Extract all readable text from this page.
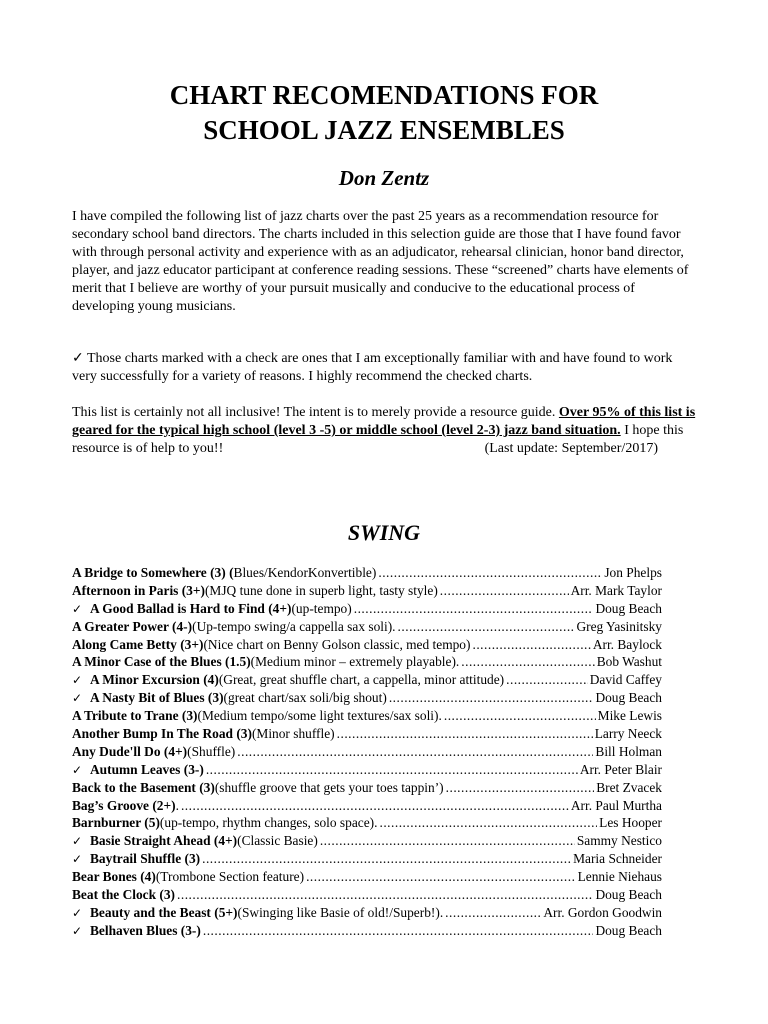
CHART RECOMENDATIONS FOR
SCHOOL JAZZ ENSEMBLES
Don Zentz

I have compiled the following list of jazz charts over the past 25 years as a recommendation resource for secondary school band directors. The charts included in this selection guide are those that I have found favor with through personal activity and experience with as an adjudicator, rehearsal clinician, honor band director, player, and jazz educator participant at conference reading sessions. These “screened” charts have elements of merit that I believe are worthy of your pursuit musically and conducive to the educational process of developing young musicians.

✓ Those charts marked with a check are ones that I am exceptionally familiar with and have found to work very successfully for a variety of reasons. I highly recommend the checked charts.

This list is certainly not all inclusive! The intent is to merely provide a resource guide. Over 95% of this list is geared for the typical high school (level 3 -5) or middle school (level 2-3) jazz band situation. I hope this resource is of help to you!!	(Last update: September/2017)

SWING
A Bridge to Somewhere (3) ( Blues/KendorKonvertible) .....	Jon Phelps
Afternoon in Paris (3+) (MJQ tune done in superb light, tasty style) .....	Arr. Mark Taylor
✓ A Good Ballad is Hard to Find (4+) (up-tempo) .....	Doug Beach
A Greater Power (4-) (Up-tempo swing/a cappella sax soli). .....	Greg Yasinitsky
Along Came Betty (3+) (Nice chart on Benny Golson classic, med tempo) .....	Arr. Baylock
A Minor Case of the Blues (1.5) (Medium minor – extremely playable). .....	Bob Washut
✓ A Minor Excursion (4) (Great, great shuffle chart, a cappella, minor attitude) .....	David Caffey
✓ A Nasty Bit of Blues (3) (great chart/sax soli/big shout) .....	Doug Beach
A Tribute to Trane (3) (Medium tempo/some light textures/sax soli). .....	Mike Lewis
Another Bump In The Road (3) (Minor shuffle) .....	Larry Neeck
Any Dude'll Do (4+) (Shuffle) .....	Bill Holman
✓ Autumn Leaves (3-) .....	Arr. Peter Blair
Back to the Basement (3) (shuffle groove that gets your toes tappin’) .....	Bret Zvacek
Bag’s Groove (2+) . .....	Arr. Paul Murtha
Barnburner (5) (up-tempo, rhythm changes, solo space). .....	Les Hooper
✓ Basie Straight Ahead (4+) (Classic Basie) .....	Sammy Nestico
✓ Baytrail Shuffle (3) .....	Maria Schneider
Bear Bones (4) (Trombone Section feature) .....	Lennie Niehaus
Beat the Clock (3) .....	Doug Beach
✓ Beauty and the Beast (5+) (Swinging like Basie of old!/Superb!). .....	Arr. Gordon Goodwin
✓ Belhaven Blues (3-) .....	Doug Beach
